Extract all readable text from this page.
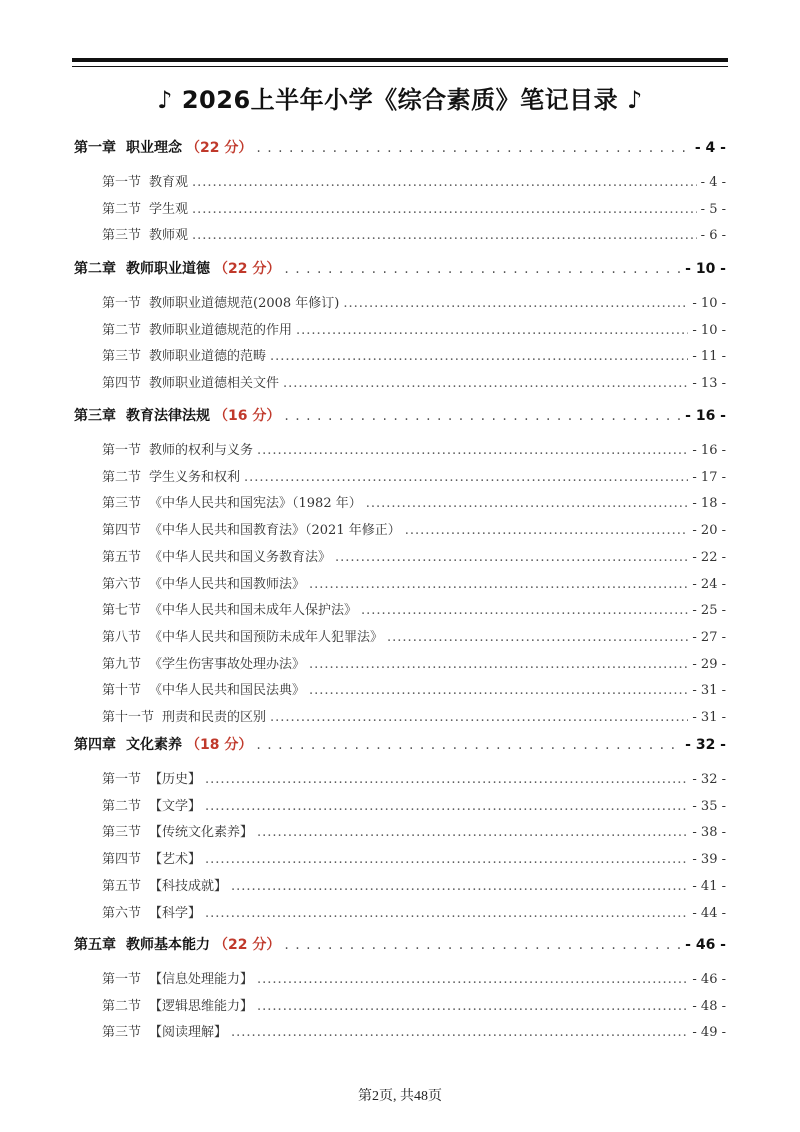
♪ 2026上半年小学《综合素质》笔记目录 ♪
第一章 职业理念 （22 分） . . .	- 4 -
第一节 教育观 .....	- 4 -
第二节 学生观 .....	- 5 -
第三节 教师观 .....	- 6 -
第二章 教师职业道德 （22 分） . . .	- 10 -
第一节 教师职业道德规范(2008 年修订) .....	- 10 -
第二节 教师职业道德规范的作用 .....	- 10 -
第三节 教师职业道德的范畴 .....	- 11 -
第四节 教师职业道德相关文件 .....	- 13 -
第三章 教育法律法规 （16 分） . . .	- 16 -
第一节 教师的权利与义务 .....	- 16 -
第二节 学生义务和权利 .....	- 17 -
第三节 《中华人民共和国宪法》（1982 年） .....	- 18 -
第四节 《中华人民共和国教育法》（2021 年修正） .....	- 20 -
第五节 《中华人民共和国义务教育法》 .....	- 22 -
第六节 《中华人民共和国教师法》 .....	- 24 -
第七节 《中华人民共和国未成年人保护法》 .....	- 25 -
第八节 《中华人民共和国预防未成年人犯罪法》 .....	- 27 -
第九节 《学生伤害事故处理办法》 .....	- 29 -
第十节 《中华人民共和国民法典》 .....	- 31 -
第十一节 刑责和民责的区别 .....	- 31 -
第四章 文化素养 （18 分） . . .	- 32 -
第一节 【历史】 .....	- 32 -
第二节 【文学】 .....	- 35 -
第三节 【传统文化素养】 .....	- 38 -
第四节 【艺术】 .....	- 39 -
第五节 【科技成就】 .....	- 41 -
第六节 【科学】 .....	- 44 -
第五章 教师基本能力 （22 分） . . .	- 46 -
第一节 【信息处理能力】 .....	- 46 -
第二节 【逻辑思维能力】 .....	- 48 -
第三节 【阅读理解】 .....	- 49 -
第2页, 共48页
